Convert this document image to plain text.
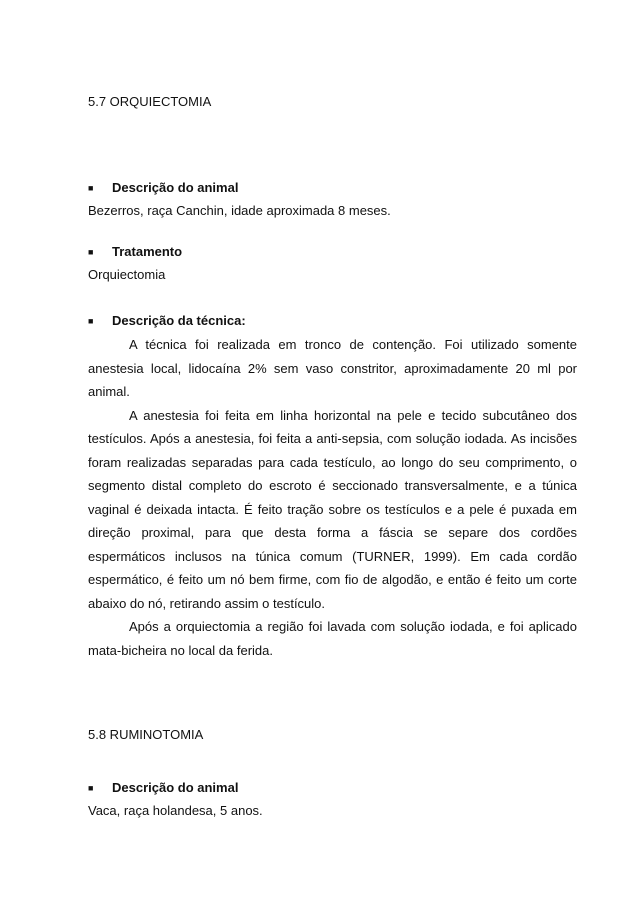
5.7 ORQUIECTOMIA
■ Descrição do animal
Bezerros, raça Canchin, idade aproximada 8 meses.
■ Tratamento
Orquiectomia
■ Descrição da técnica:

A técnica foi realizada em tronco de contenção. Foi utilizado somente anestesia local, lidocaína 2% sem vaso constritor, aproximadamente 20 ml por animal.

A anestesia foi feita em linha horizontal na pele e tecido subcutâneo dos testículos. Após a anestesia, foi feita a anti-sepsia, com solução iodada. As incisões foram realizadas separadas para cada testículo, ao longo do seu comprimento, o segmento distal completo do escroto é seccionado transversalmente, e a túnica vaginal é deixada intacta. É feito tração sobre os testículos e a pele é puxada em direção proximal, para que desta forma a fáscia se separe dos cordões espermáticos inclusos na túnica comum (TURNER, 1999). Em cada cordão espermático, é feito um nó bem firme, com fio de algodão, e então é feito um corte abaixo do nó, retirando assim o testículo.

Após a orquiectomia a região foi lavada com solução iodada, e foi aplicado mata-bicheira no local da ferida.

5.8 RUMINOTOMIA
■ Descrição do animal
Vaca, raça holandesa, 5 anos.
